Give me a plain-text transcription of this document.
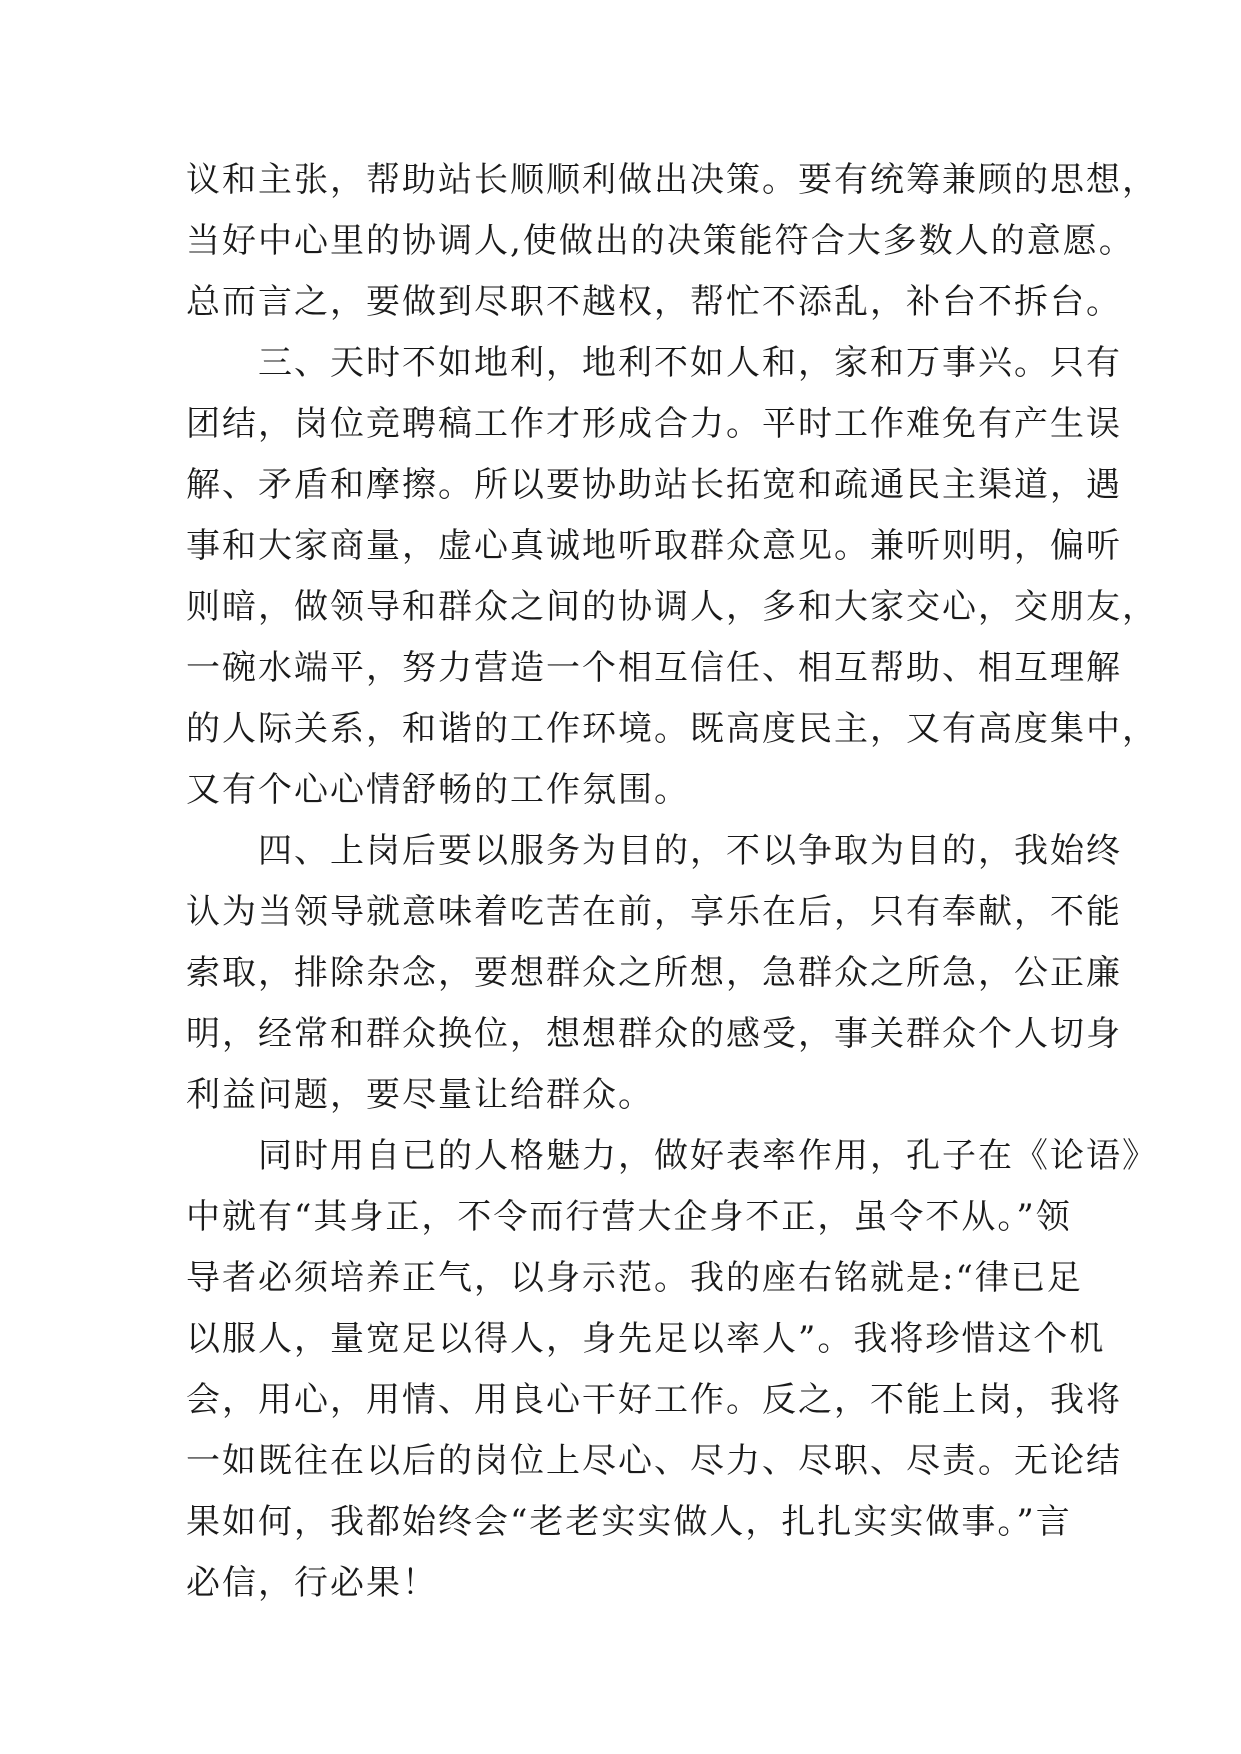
议和主张，帮助站长顺顺利做出决策。要有统筹兼顾的思想，
当好中心里的协调人,使做出的决策能符合大多数人的意愿。
总而言之，要做到尽职不越权，帮忙不添乱，补台不拆台。
三、天时不如地利，地利不如人和，家和万事兴。只有
团结，岗位竞聘稿工作才形成合力。平时工作难免有产生误
解、矛盾和摩擦。所以要协助站长拓宽和疏通民主渠道，遇
事和大家商量，虚心真诚地听取群众意见。兼听则明，偏听
则暗，做领导和群众之间的协调人，多和大家交心，交朋友，
一碗水端平，努力营造一个相互信任、相互帮助、相互理解
的人际关系，和谐的工作环境。既高度民主，又有高度集中，
又有个心心情舒畅的工作氛围。
四、上岗后要以服务为目的，不以争取为目的，我始终
认为当领导就意味着吃苦在前，享乐在后，只有奉献，不能
索取，排除杂念，要想群众之所想，急群众之所急，公正廉
明，经常和群众换位，想想群众的感受，事关群众个人切身
利益问题，要尽量让给群众。
同时用自已的人格魅力，做好表率作用，孔子在《论语》
中就有“其身正，不令而行营大企身不正，虽令不从。”领
导者必须培养正气，以身示范。我的座右铭就是:“律已足
以服人，量宽足以得人，身先足以率人”。我将珍惜这个机
会，用心，用情、用良心干好工作。反之，不能上岗，我将
一如既往在以后的岗位上尽心、尽力、尽职、尽责。无论结
果如何，我都始终会“老老实实做人，扎扎实实做事。”言
必信，行必果！
